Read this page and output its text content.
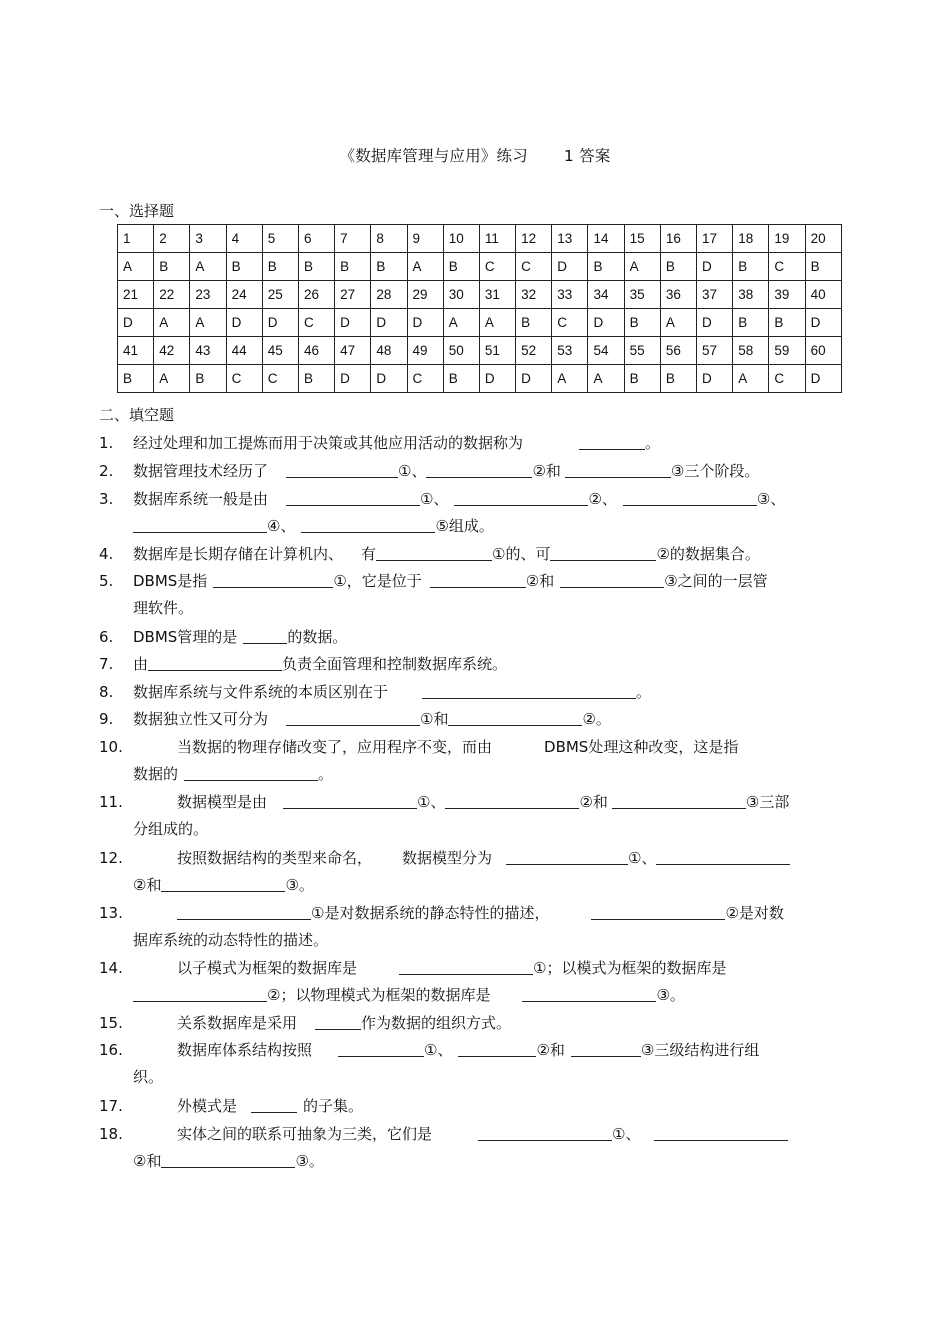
《数据库管理与应用》练习 1 答案
一、选择题
1	2	3	4	5	6	7	8	9	10	11	12	13	14	15	16	17	18	19	20
A	B	A	B	B	B	B	B	A	B	C	C	D	B	A	B	D	B	C	B
21	22	23	24	25	26	27	28	29	30	31	32	33	34	35	36	37	38	39	40
D	A	A	D	D	C	D	D	D	A	A	B	C	D	B	A	D	B	B	D
41	42	43	44	45	46	47	48	49	50	51	52	53	54	55	56	57	58	59	60
B	A	B	C	C	B	D	D	C	B	D	D	A	A	B	B	D	A	C	D
二、填空题
1. 经过处理和加工提炼而用于决策或其他应用活动的数据称为	。
2. 数据管理技术经历了	①、	②和	③三个阶段。
3. 数据库系统一般是由	①、	②、	③、
④、	⑤组成。
4. 数据库是长期存储在计算机内、 有	①的、可	②的数据集合。
5. DBMS是指	①，它是位于	②和	③之间的一层管
理软件。
6. DBMS管理的是	的数据。
7. 由	负责全面管理和控制数据库系统。
8. 数据库系统与文件系统的本质区别在于	。
9. 数据独立性又可分为	①和	②。
10.	当数据的物理存储改变了，应用程序不变，而由	DBMS处理这种改变，这是指
数据的	。
11.	数据模型是由	①、	②和	③三部
分组成的。
12.	按照数据结构的类型来命名， 数据模型分为	①、
②和	③。
13.	①是对数据系统的静态特性的描述，	②是对数
据库系统的动态特性的描述。
14.	以子模式为框架的数据库是	①；以模式为框架的数据库是
②；以物理模式为框架的数据库是	③。
15.	关系数据库是采用	作为数据的组织方式。
16.	数据库体系结构按照	①、	②和	③三级结构进行组
织。
17.	外模式是	的子集。
18.	实体之间的联系可抽象为三类，它们是	①、
②和	③。
